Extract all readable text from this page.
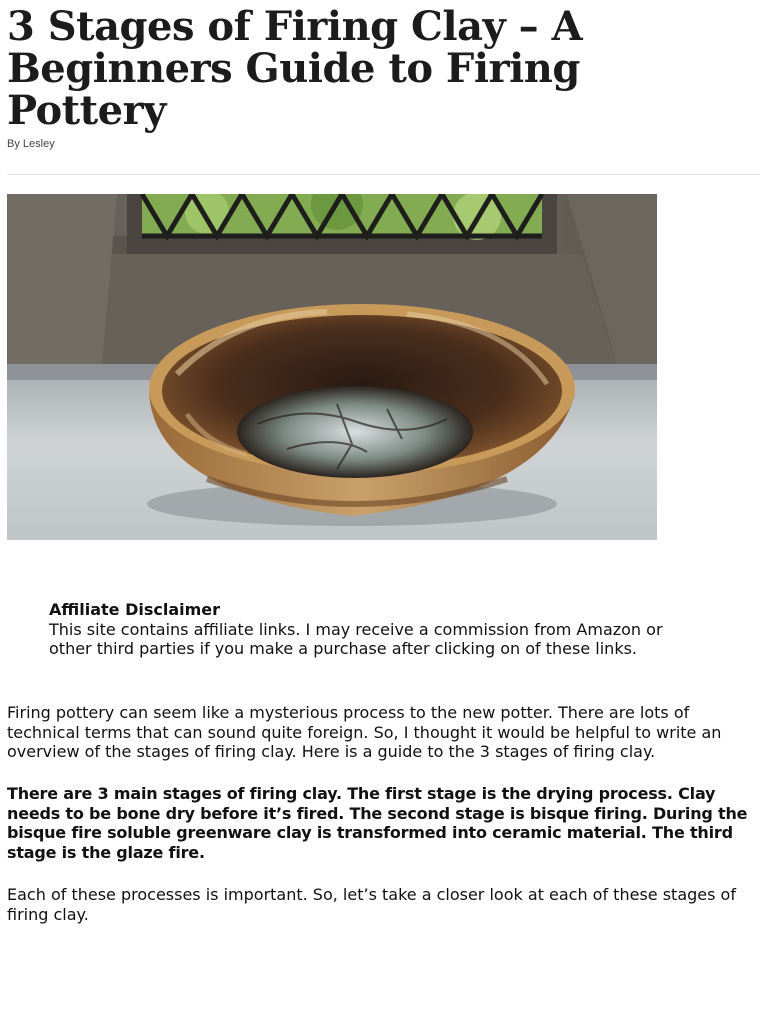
3 Stages of Firing Clay – A Beginners Guide to Firing Pottery

By Lesley

Affiliate Disclaimer
This site contains affiliate links. I may receive a commission from Amazon or other third parties if you make a purchase after clicking on of these links.

Firing pottery can seem like a mysterious process to the new potter. There are lots of technical terms that can sound quite foreign. So, I thought it would be helpful to write an overview of the stages of firing clay. Here is a guide to the 3 stages of firing clay.

There are 3 main stages of firing clay. The first stage is the drying process. Clay needs to be bone dry before it’s fired. The second stage is bisque firing. During the bisque fire soluble greenware clay is transformed into ceramic material. The third stage is the glaze fire.

Each of these processes is important. So, let’s take a closer look at each of these stages of firing clay.
